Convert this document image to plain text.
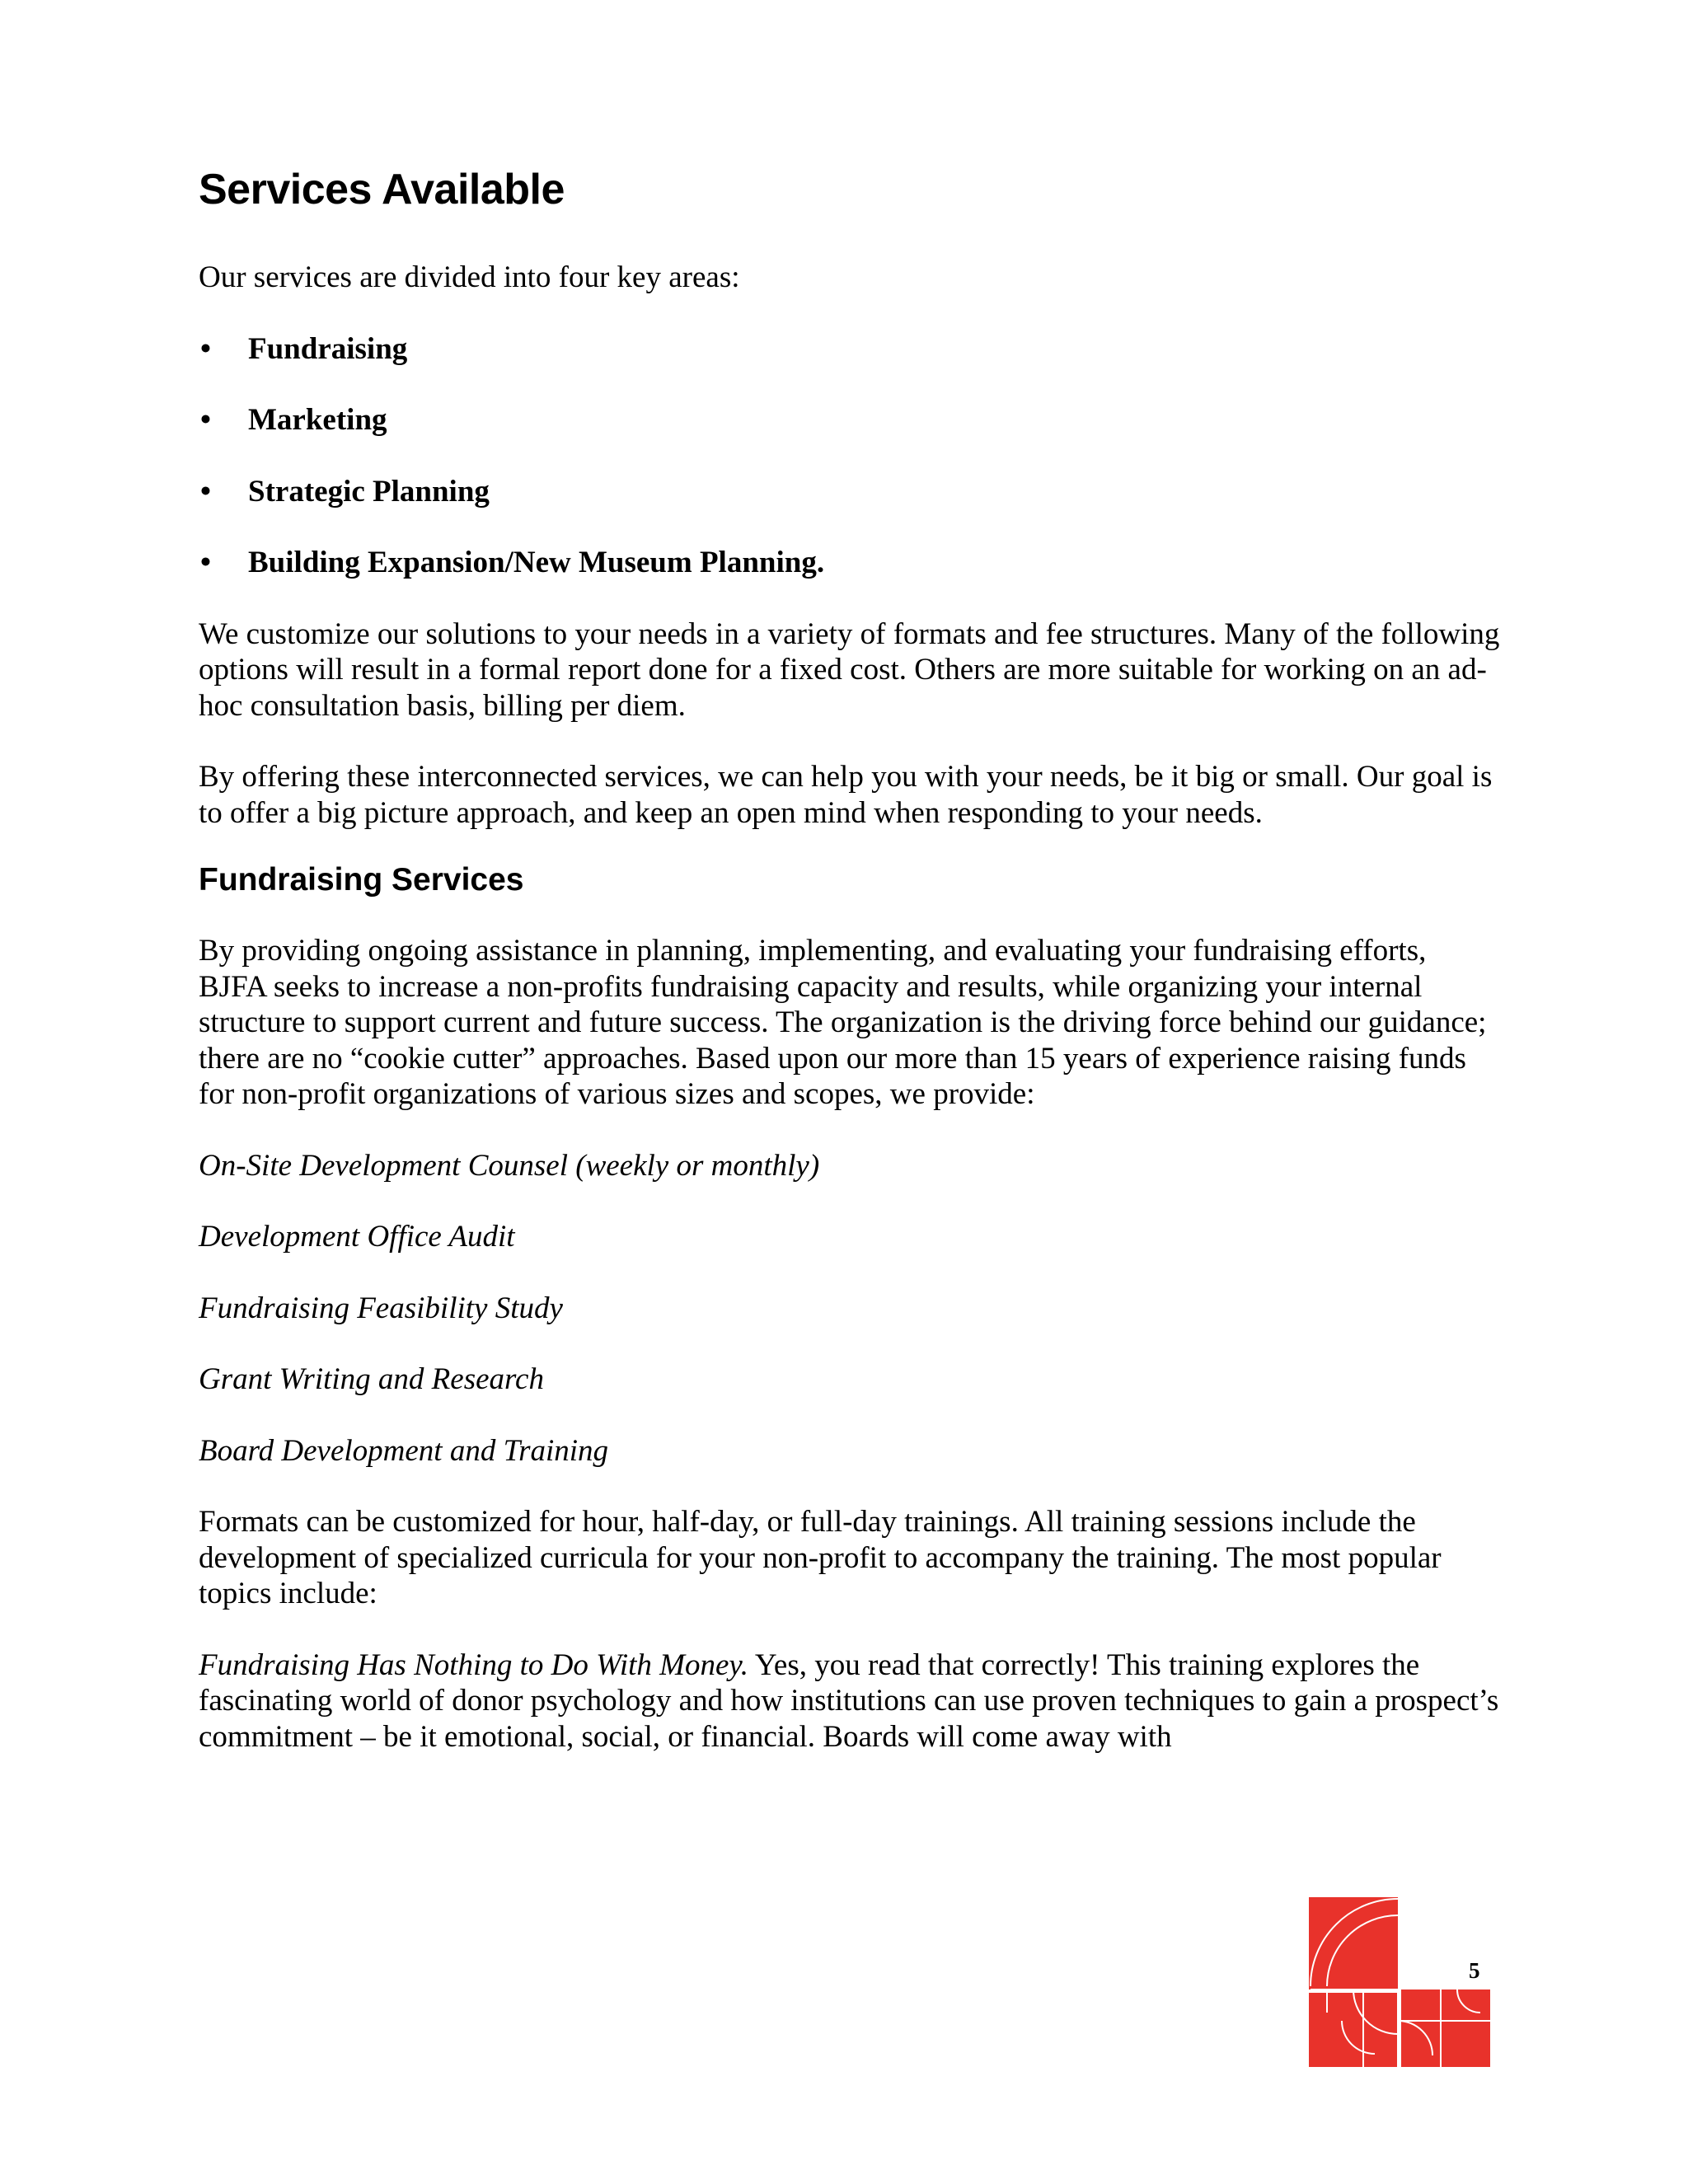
Services Available

Our services are divided into four key areas:

• Fundraising
• Marketing
• Strategic Planning
• Building Expansion/New Museum Planning.

We customize our solutions to your needs in a variety of formats and fee structures. Many of the following options will result in a formal report done for a fixed cost. Others are more suitable for working on an ad-hoc consultation basis, billing per diem.

By offering these interconnected services, we can help you with your needs, be it big or small. Our goal is to offer a big picture approach, and keep an open mind when responding to your needs.

Fundraising Services

By providing ongoing assistance in planning, implementing, and evaluating your fundraising efforts, BJFA seeks to increase a non-profits fundraising capacity and results, while organizing your internal structure to support current and future success. The organization is the driving force behind our guidance; there are no “cookie cutter” approaches. Based upon our more than 15 years of experience raising funds for non-profit organizations of various sizes and scopes, we provide:

On-Site Development Counsel (weekly or monthly)

Development Office Audit

Fundraising Feasibility Study

Grant Writing and Research

Board Development and Training

Formats can be customized for hour, half-day, or full-day trainings. All training sessions include the development of specialized curricula for your non-profit to accompany the training. The most popular topics include:

Fundraising Has Nothing to Do With Money. Yes, you read that correctly! This training explores the fascinating world of donor psychology and how institutions can use proven techniques to gain a prospect’s commitment – be it emotional, social, or financial. Boards will come away with

5
